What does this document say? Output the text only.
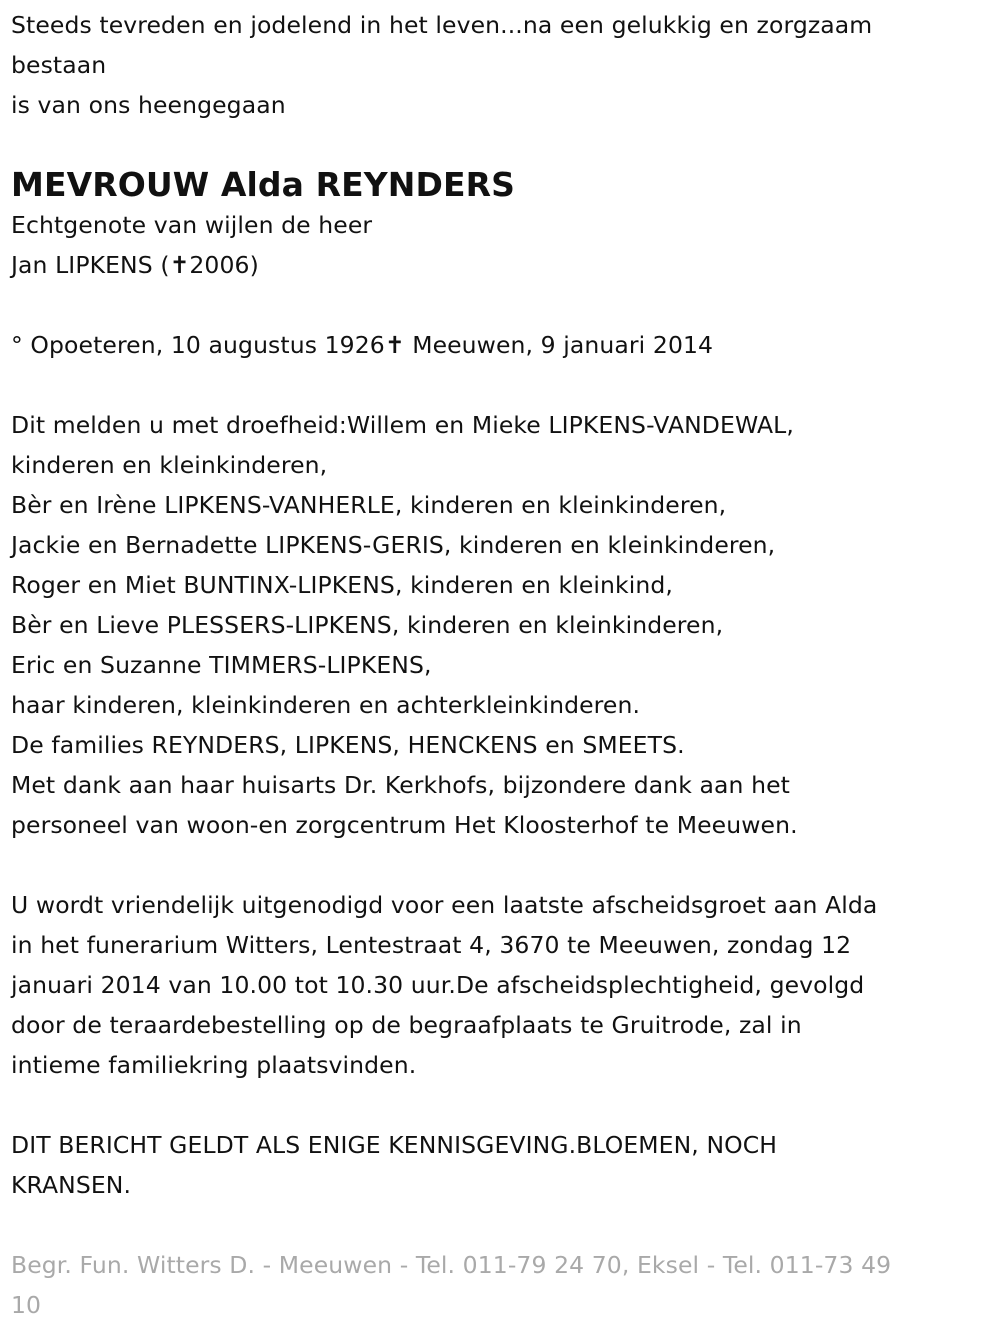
Steeds tevreden en jodelend in het leven...na een gelukkig en zorgzaam
bestaan
is van ons heengegaan
MEVROUW Alda REYNDERS
Echtgenote van wijlen de heer
Jan LIPKENS (✝2006)
° Opoeteren, 10 augustus 1926✝ Meeuwen, 9 januari 2014
Dit melden u met droefheid:Willem en Mieke LIPKENS-VANDEWAL,
kinderen en kleinkinderen,
Bèr en Irène LIPKENS-VANHERLE, kinderen en kleinkinderen,
Jackie en Bernadette LIPKENS-GERIS, kinderen en kleinkinderen,
Roger en Miet BUNTINX-LIPKENS, kinderen en kleinkind,
Bèr en Lieve PLESSERS-LIPKENS, kinderen en kleinkinderen,
Eric en Suzanne TIMMERS-LIPKENS,
haar kinderen, kleinkinderen en achterkleinkinderen.
De families REYNDERS, LIPKENS, HENCKENS en SMEETS.
Met dank aan haar huisarts Dr. Kerkhofs, bijzondere dank aan het
personeel van woon-en zorgcentrum Het Kloosterhof te Meeuwen.
U wordt vriendelijk uitgenodigd voor een laatste afscheidsgroet aan Alda
in het funerarium Witters, Lentestraat 4, 3670 te Meeuwen, zondag 12
januari 2014 van 10.00 tot 10.30 uur.De afscheidsplechtigheid, gevolgd
door de teraardebestelling op de begraafplaats te Gruitrode, zal in
intieme familiekring plaatsvinden.
DIT BERICHT GELDT ALS ENIGE KENNISGEVING.BLOEMEN, NOCH
KRANSEN.
Begr. Fun. Witters D. - Meeuwen - Tel. 011-79 24 70, Eksel - Tel. 011-73 49
10
